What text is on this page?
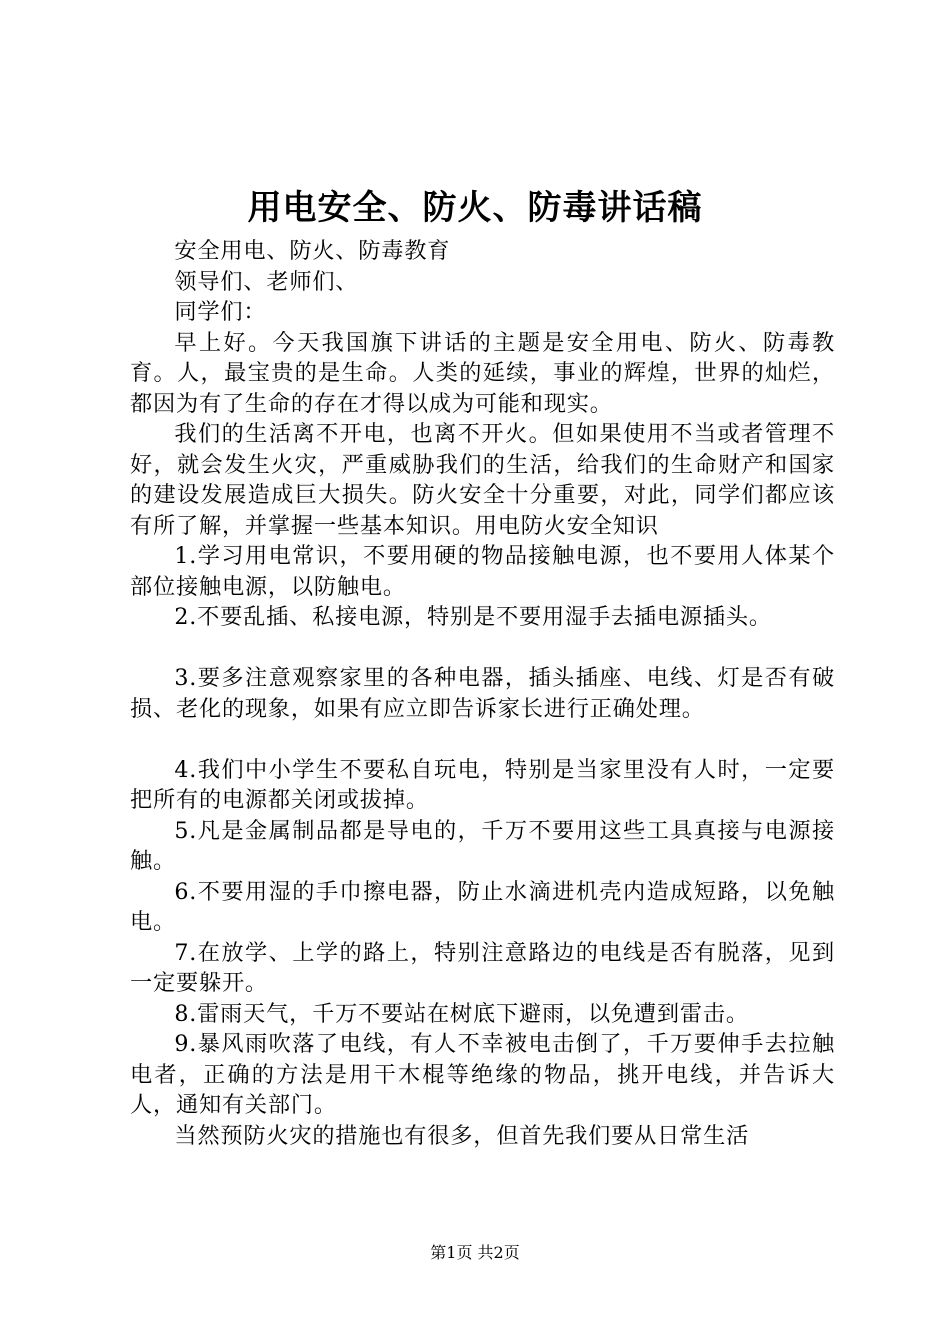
用电安全、防火、防毒讲话稿

安全用电、防火、防毒教育

领导们、老师们、

同学们：

早上好。今天我国旗下讲话的主题是安全用电、防火、防毒教育。人，最宝贵的是生命。人类的延续，事业的辉煌，世界的灿烂，都因为有了生命的存在才得以成为可能和现实。

我们的生活离不开电，也离不开火。但如果使用不当或者管理不好，就会发生火灾，严重威胁我们的生活，给我们的生命财产和国家的建设发展造成巨大损失。防火安全十分重要，对此，同学们都应该有所了解，并掌握一些基本知识。用电防火安全知识

1.学习用电常识，不要用硬的物品接触电源，也不要用人体某个部位接触电源，以防触电。

2.不要乱插、私接电源，特别是不要用湿手去插电源插头。

3.要多注意观察家里的各种电器，插头插座、电线、灯是否有破损、老化的现象，如果有应立即告诉家长进行正确处理。

4.我们中小学生不要私自玩电，特别是当家里没有人时，一定要把所有的电源都关闭或拔掉。

5.凡是金属制品都是导电的，千万不要用这些工具真接与电源接触。

6.不要用湿的手巾擦电器，防止水滴进机壳内造成短路，以免触电。

7.在放学、上学的路上，特别注意路边的电线是否有脱落，见到一定要躲开。

8.雷雨天气，千万不要站在树底下避雨，以免遭到雷击。

9.暴风雨吹落了电线，有人不幸被电击倒了，千万要伸手去拉触电者，正确的方法是用干木棍等绝缘的物品，挑开电线，并告诉大人，通知有关部门。

当然预防火灾的措施也有很多，但首先我们要从日常生活

第1页 共2页
